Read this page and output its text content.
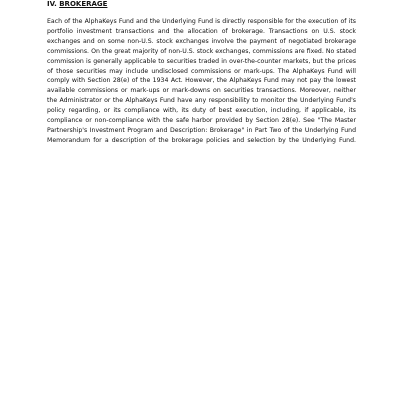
IV. BROKERAGE

Each of the AlphaKeys Fund and the Underlying Fund is directly responsible for the execution of its portfolio investment transactions and the allocation of brokerage. Transactions on U.S. stock exchanges and on some non-U.S. stock exchanges involve the payment of negotiated brokerage commissions. On the great majority of non-U.S. stock exchanges, commissions are fixed. No stated commission is generally applicable to securities traded in over-the-counter markets, but the prices of those securities may include undisclosed commissions or mark-ups. The AlphaKeys Fund will comply with Section 28(e) of the 1934 Act. However, the AlphaKeys Fund may not pay the lowest available commissions or mark-ups or mark-downs on securities transactions. Moreover, neither the Administrator or the AlphaKeys Fund have any responsibility to monitor the Underlying Fund's policy regarding, or its compliance with, its duty of best execution, including, if applicable, its compliance or non-compliance with the safe harbor provided by Section 28(e). See "The Master Partnership's Investment Program and Description: Brokerage" in Part Two of the Underlying Fund Memorandum for a description of the brokerage policies and selection by the Underlying Fund.
